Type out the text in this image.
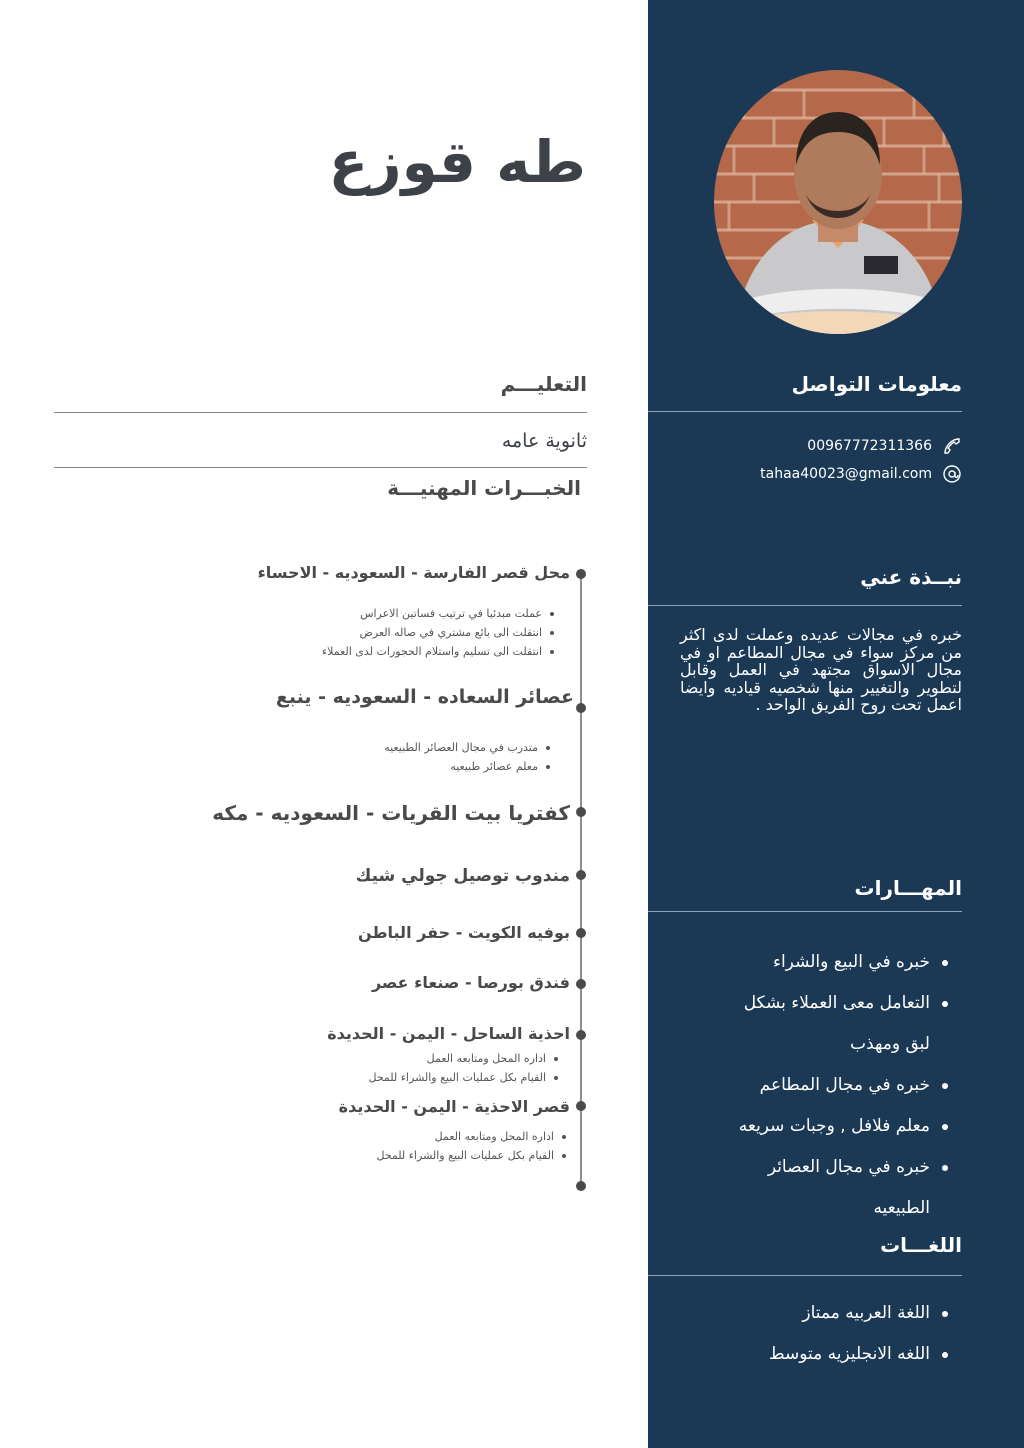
معلومات التواصل
00967772311366
tahaa40023@gmail.com
نبــذة عني
خبره في مجالات عديده وعملت لدى اكثر من مركز سواء في مجال المطاعم او في مجال الاسواق مجتهد في العمل وقابل لتطوير والتغيير منها شخصيه قياديه وايضا اعمل تحت روح الفريق الواحد .
المهـــارات
خبره في البيع والشراء
التعامل معى العملاء بشكل
لبق ومهذب
خبره في مجال المطاعم
معلم فلافل , وجبات سريعه
خبره في مجال العصائر
الطبيعيه
اللغـــات
اللغة العربيه ممتاز
اللغه الانجليزيه متوسط
طه قوزع
التعليـــم
ثانوية عامه
الخبـــرات المهنيـــة
محل قصر الفارسة - السعوديه - الاحساء
عملت مبدئيا في ترتيب فساتين الاعراس
انتقلت الى بائع مشتري في صاله العرض
انتقلت الى تسليم واستلام الحجورات لدى العملاء
عصائر السعاده - السعوديه - ينبع
متدرب في مجال العصائر الطبيعيه
معلم عصائر طبيعيه
كفتريا بيت القريات - السعوديه - مكه
مندوب توصيل جولي شيك
بوفيه الكويت - حفر الباطن
فندق بورصا - صنعاء عصر
احذية الساحل - اليمن - الحديدة
اداره المحل ومتابعه العمل
القيام بكل عمليات البيع والشراء للمحل
قصر الاحذية - اليمن - الحديدة
اداره المحل ومتابعه العمل
القيام بكل عمليات البيع والشراء للمحل
